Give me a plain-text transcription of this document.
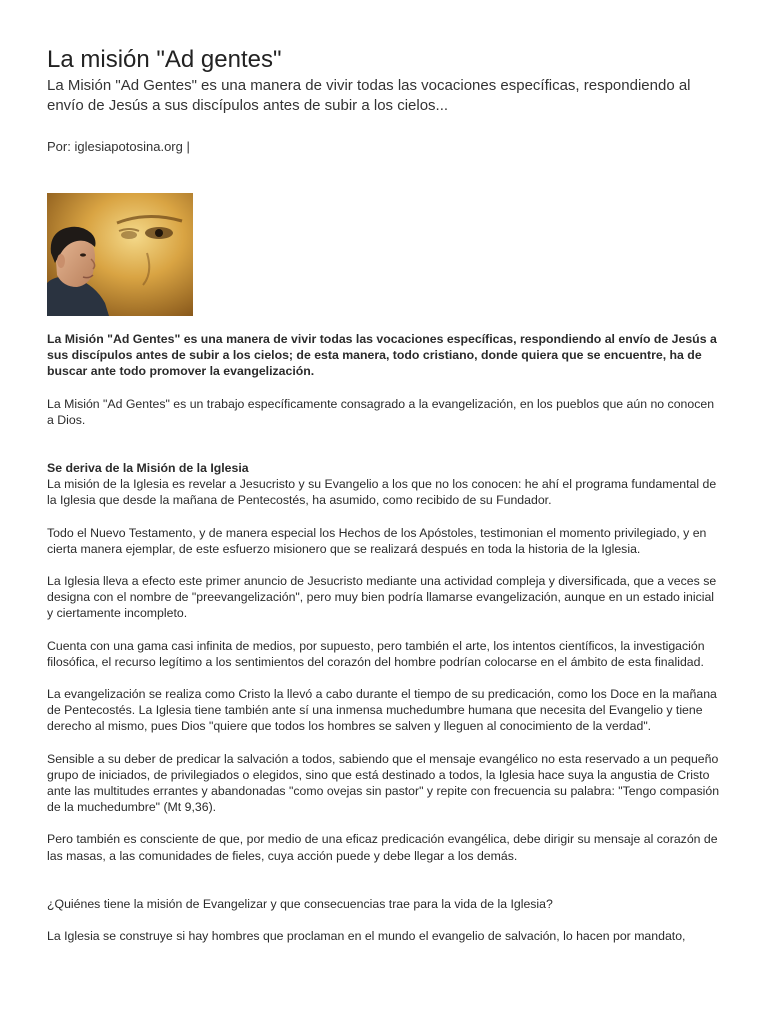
La misión "Ad gentes"

La Misión "Ad Gentes" es una manera de vivir todas las vocaciones específicas, respondiendo al envío de Jesús a sus discípulos antes de subir a los cielos...

Por: iglesiapotosina.org |

La Misión "Ad Gentes" es una manera de vivir todas las vocaciones específicas, respondiendo al envío de Jesús a sus discípulos antes de subir a los cielos; de esta manera, todo cristiano, donde quiera que se encuentre, ha de buscar ante todo promover la evangelización.

La Misión "Ad Gentes" es un trabajo específicamente consagrado a la evangelización, en los pueblos que aún no conocen a Dios.

Se deriva de la Misión de la Iglesia
La misión de la Iglesia es revelar a Jesucristo y su Evangelio a los que no los conocen: he ahí el programa fundamental de la Iglesia que desde la mañana de Pentecostés, ha asumido, como recibido de su Fundador.

Todo el Nuevo Testamento, y de manera especial los Hechos de los Apóstoles, testimonian el momento privilegiado, y en cierta manera ejemplar, de este esfuerzo misionero que se realizará después en toda la historia de la Iglesia.

La Iglesia lleva a efecto este primer anuncio de Jesucristo mediante una actividad compleja y diversificada, que a veces se designa con el nombre de "preevangelización", pero muy bien podría llamarse evangelización, aunque en un estado inicial y ciertamente incompleto.

Cuenta con una gama casi infinita de medios, por supuesto, pero también el arte, los intentos científicos, la investigación filosófica, el recurso legítimo a los sentimientos del corazón del hombre podrían colocarse en el ámbito de esta finalidad.

La evangelización se realiza como Cristo la llevó a cabo durante el tiempo de su predicación, como los Doce en la mañana de Pentecostés. La Iglesia tiene también ante sí una inmensa muchedumbre humana que necesita del Evangelio y tiene derecho al mismo, pues Dios "quiere que todos los hombres se salven y lleguen al conocimiento de la verdad".

Sensible a su deber de predicar la salvación a todos, sabiendo que el mensaje evangélico no esta reservado a un pequeño grupo de iniciados, de privilegiados o elegidos, sino que está destinado a todos, la Iglesia hace suya la angustia de Cristo ante las multitudes errantes y abandonadas "como ovejas sin pastor" y repite con frecuencia su palabra: "Tengo compasión de la muchedumbre" (Mt 9,36).

Pero también es consciente de que, por medio de una eficaz predicación evangélica, debe dirigir su mensaje al corazón de las masas, a las comunidades de fieles, cuya acción puede y debe llegar a los demás.

¿Quiénes tiene la misión de Evangelizar y que consecuencias trae para la vida de la Iglesia?

La Iglesia se construye si hay hombres que proclaman en el mundo el evangelio de salvación, lo hacen por mandato,
